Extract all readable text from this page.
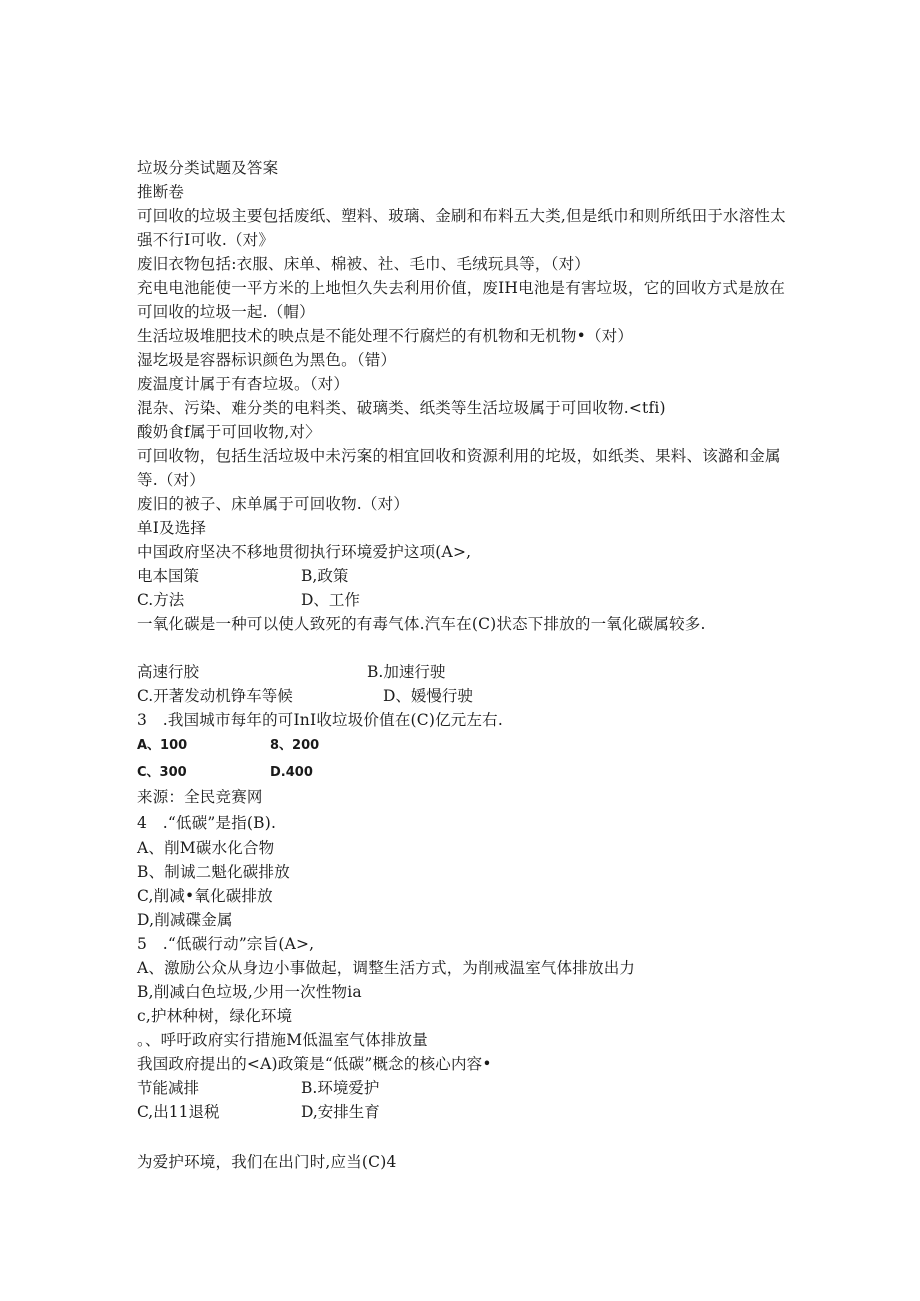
垃圾分类试题及答案
推断卷
可回收的垃圾主要包括废纸、塑料、玻璃、金刷和布料五大类,但是纸巾和则所纸田于水溶性太
强不行I可收.（对》
废旧衣物包括:衣服、床单、棉被、社、毛巾、毛绒玩具等，（对）
充电电池能使一平方米的上地怛久失去利用价值，废IH电池是有害垃圾，它的回收方式是放在
可回收的垃圾一起.（帽）
生活垃圾堆肥技术的映点是不能处理不行腐烂的有机物和无机物•（对）
湿圪圾是容器标识颜色为黑色。（错）
废温度计属于有杳垃圾。（对）
混杂、污染、难分类的电料类、破璃类、纸类等生活垃圾属于可回收物.<tfi)
酸奶食f属于可回收物,对〉
可回收物，包括生活垃圾中未污案的相宜回收和资源利用的坨圾，如纸类、果料、该潞和金属
等.（对）
废旧的被子、床单属于可回收物.（对）
单I及选择
中国政府坚决不移地贯彻执行环境爱护这项(A>,
电本国策	B,政策
C.方法	D、工作
一氧化碳是一种可以使人致死的有毒气体.汽车在(C)状态下排放的一氧化碳属较多.
高速行胶	B.加速行驶
C.开著发动机铮车等候	D、媛慢行驶
3　.我国城市每年的可InI收垃圾价值在(C)亿元左右.
A、100	8、200
C、300	D.400
来源：全民竞赛网
4　.“低碳”是指(B).
A、削M碳水化合物
B、制诚二魁化碳排放
C,削减•氧化碳排放
D,削减碟金属
5　.“低碳行动”宗旨(A>,
A、激励公众从身边小事做起，调整生活方式，为削戒温室气体排放出力
B,削减白色垃圾,少用一次性物ia
c,护林种树，绿化环境
。、呼吁政府实行措施M低温室气体排放量
我国政府提出的<A)政策是“低碳”概念的核心内容•
节能减排	B.环境爱护
C,出11退税	D,安排生育
为爱护环境，我们在出门时,应当(C)4
